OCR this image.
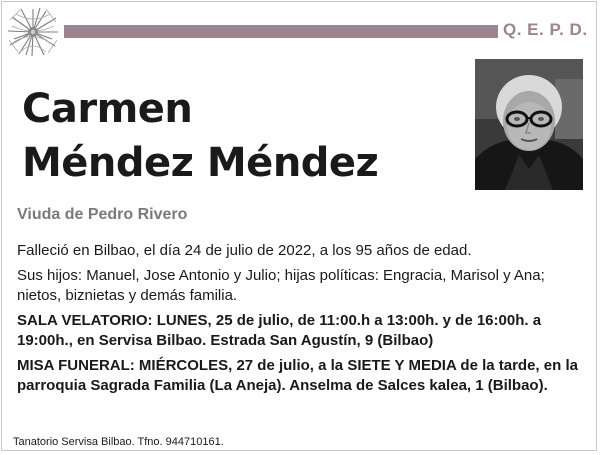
Q. E. P. D.
Carmen
Méndez Méndez
Viuda de Pedro Rivero

Falleció en Bilbao, el día 24 de julio de 2022, a los 95 años de edad.

Sus hijos: Manuel, Jose Antonio y Julio; hijas políticas: Engracia, Marisol y Ana; nietos, biznietas y demás familia.

SALA VELATORIO: LUNES, 25 de julio, de 11:00.h a 13:00h. y de 16:00h. a 19:00h., en Servisa Bilbao. Estrada San Agustín, 9 (Bilbao)

MISA FUNERAL: MIÉRCOLES, 27 de julio, a la SIETE Y MEDIA de la tarde, en la parroquia Sagrada Familia (La Aneja). Anselma de Salces kalea, 1 (Bilbao).

Tanatorio Servisa Bilbao. Tfno. 944710161.
